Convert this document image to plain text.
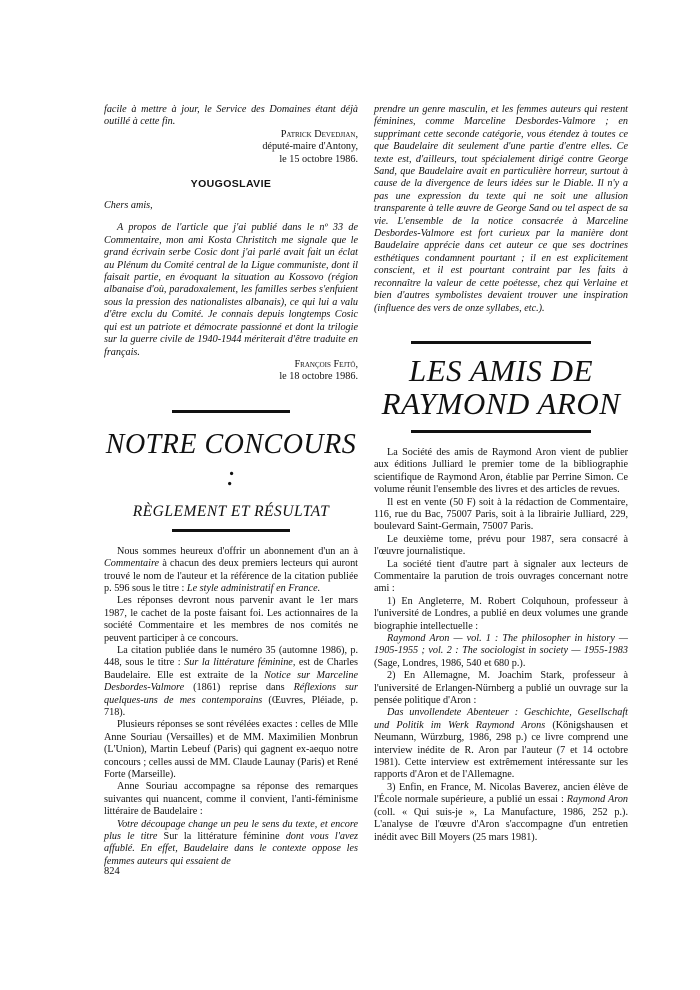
facile à mettre à jour, le Service des Domaines étant déjà outillé à cette fin.

Patrick Devedjian,
député-maire d'Antony,
le 15 octobre 1986.
YOUGOSLAVIE

Chers amis,

A propos de l'article que j'ai publié dans le nº 33 de Commentaire, mon ami Kosta Christitch me signale que le grand écrivain serbe Cosic dont j'ai parlé avait fait un éclat au Plénum du Comité central de la Ligue communiste, dont il faisait partie, en évoquant la situation au Kossovo (région albanaise d'où, paradoxalement, les familles serbes s'enfuient sous la pression des nationalistes albanais), ce qui lui a valu d'être exclu du Comité. Je connais depuis longtemps Cosic qui est un patriote et démocrate passionné et dont la trilogie sur la guerre civile de 1940-1944 mériterait d'être traduite en français.

François Fejtö,
le 18 octobre 1986.
NOTRE CONCOURS :
RÈGLEMENT ET RÉSULTAT

Nous sommes heureux d'offrir un abonnement d'un an à Commentaire à chacun des deux premiers lecteurs qui auront trouvé le nom de l'auteur et la référence de la citation publiée p. 596 sous le titre : Le style administratif en France.

Les réponses devront nous parvenir avant le 1er mars 1987, le cachet de la poste faisant foi. Les actionnaires de la société Commentaire et les membres de nos comités ne peuvent participer à ce concours.

La citation publiée dans le numéro 35 (automne 1986), p. 448, sous le titre : Sur la littérature féminine, est de Charles Baudelaire. Elle est extraite de la Notice sur Marceline Desbordes-Valmore (1861) reprise dans Réflexions sur quelques-uns de mes contemporains (Œuvres, Pléiade, p. 718).

Plusieurs réponses se sont révélées exactes : celles de Mlle Anne Souriau (Versailles) et de MM. Maximilien Monbrun (L'Union), Martin Lebeuf (Paris) qui gagnent ex-aequo notre concours ; celles aussi de MM. Claude Launay (Paris) et René Forte (Marseille).

Anne Souriau accompagne sa réponse des remarques suivantes qui nuancent, comme il convient, l'anti-féminisme littéraire de Baudelaire :

Votre découpage change un peu le sens du texte, et encore plus le titre Sur la littérature féminine dont vous l'avez affublé. En effet, Baudelaire dans le contexte oppose les femmes auteurs qui essaient de

prendre un genre masculin, et les femmes auteurs qui restent féminines, comme Marceline Desbordes-Valmore ; en supprimant cette seconde catégorie, vous étendez à toutes ce que Baudelaire dit seulement d'une partie d'entre elles. Ce texte est, d'ailleurs, tout spécialement dirigé contre George Sand, que Baudelaire avait en particulière horreur, surtout à cause de la divergence de leurs idées sur le Diable. Il n'y a pas une expression du texte qui ne soit une allusion transparente à telle œuvre de George Sand ou tel aspect de sa vie. L'ensemble de la notice consacrée à Marceline Desbordes-Valmore est fort curieux par la manière dont Baudelaire apprécie dans cet auteur ce que ses doctrines esthétiques condamnent pourtant ; il en est explicitement conscient, et il est pourtant contraint par les faits à reconnaître la valeur de cette poétesse, chez qui Verlaine et bien d'autres symbolistes devaient trouver une inspiration (influence des vers de onze syllabes, etc.).

LES AMIS DE
RAYMOND ARON

La Société des amis de Raymond Aron vient de publier aux éditions Julliard le premier tome de la bibliographie scientifique de Raymond Aron, établie par Perrine Simon. Ce volume réunit l'ensemble des livres et des articles de revues.

Il est en vente (50 F) soit à la rédaction de Commentaire, 116, rue du Bac, 75007 Paris, soit à la librairie Julliard, 229, boulevard Saint-Germain, 75007 Paris.

Le deuxième tome, prévu pour 1987, sera consacré à l'œuvre journalistique.

La société tient d'autre part à signaler aux lecteurs de Commentaire la parution de trois ouvrages concernant notre ami :

1) En Angleterre, M. Robert Colquhoun, professeur à l'université de Londres, a publié en deux volumes une grande biographie intellectuelle :

Raymond Aron — vol. 1 : The philosopher in history — 1905-1955 ; vol. 2 : The sociologist in society — 1955-1983 (Sage, Londres, 1986, 540 et 680 p.).

2) En Allemagne, M. Joachim Stark, professeur à l'université de Erlangen-Nürnberg a publié un ouvrage sur la pensée politique d'Aron :

Das unvollendete Abenteuer : Geschichte, Gesellschaft und Politik im Werk Raymond Arons (Königshausen et Neumann, Würzburg, 1986, 298 p.) ce livre comprend une interview inédite de R. Aron par l'auteur (7 et 14 octobre 1981). Cette interview est extrêmement intéressante sur les rapports d'Aron et de l'Allemagne.

3) Enfin, en France, M. Nicolas Baverez, ancien élève de l'École normale supérieure, a publié un essai : Raymond Aron (coll. « Qui suis-je », La Manufacture, 1986, 252 p.). L'analyse de l'œuvre d'Aron s'accompagne d'un entretien inédit avec Bill Moyers (25 mars 1981).

824
